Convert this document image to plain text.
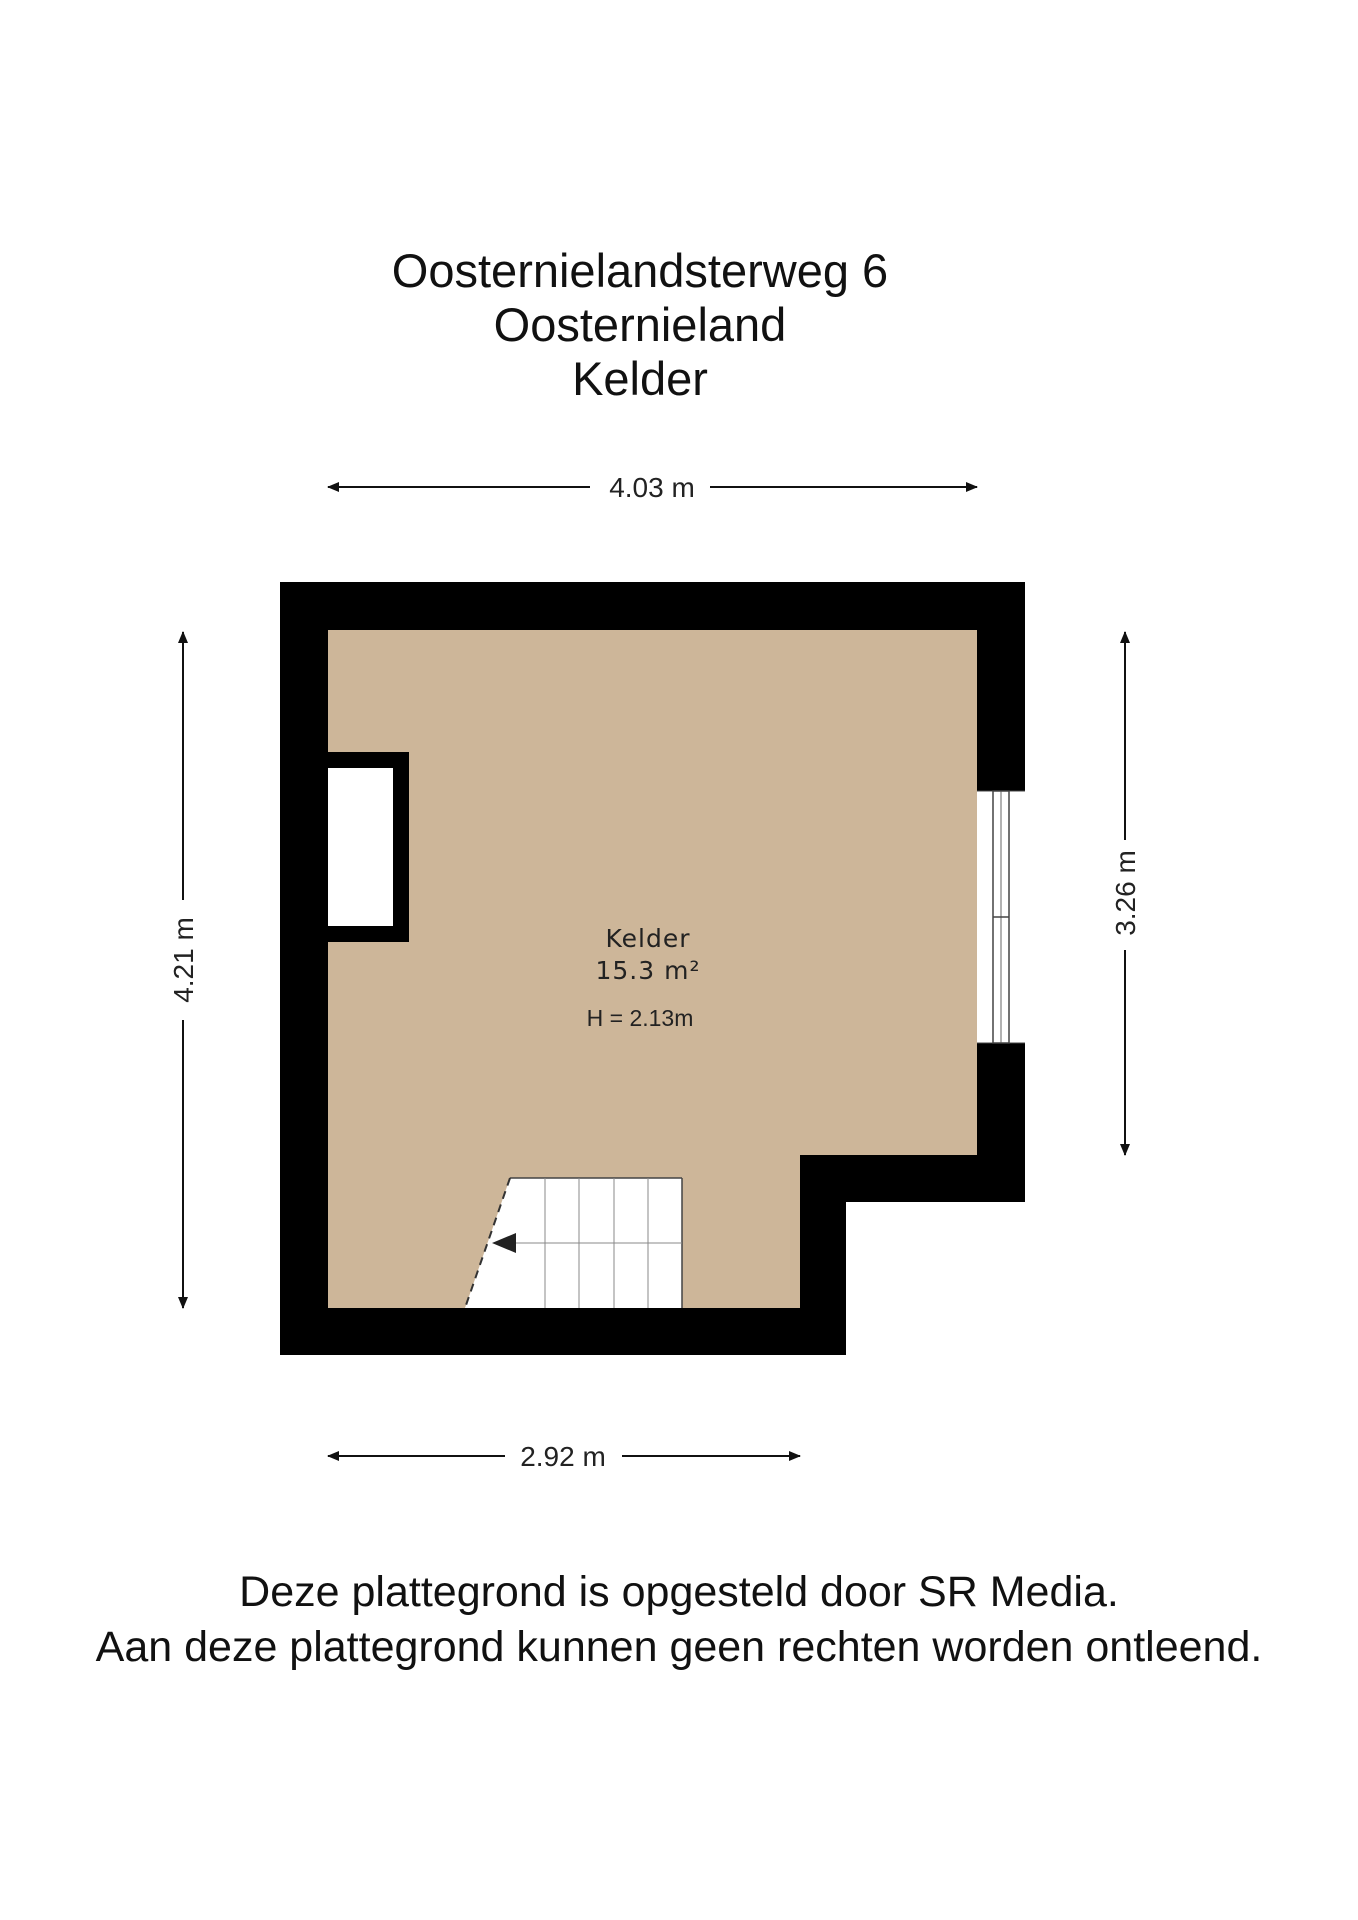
Oosternielandsterweg 6

Oosternieland

Kelder

Kelder
15.3 m²
H = 2.13m
4.03 m
4.21 m
3.26 m
2.92 m

Deze plattegrond is opgesteld door SR Media.

Aan deze plattegrond kunnen geen rechten worden ontleend.
